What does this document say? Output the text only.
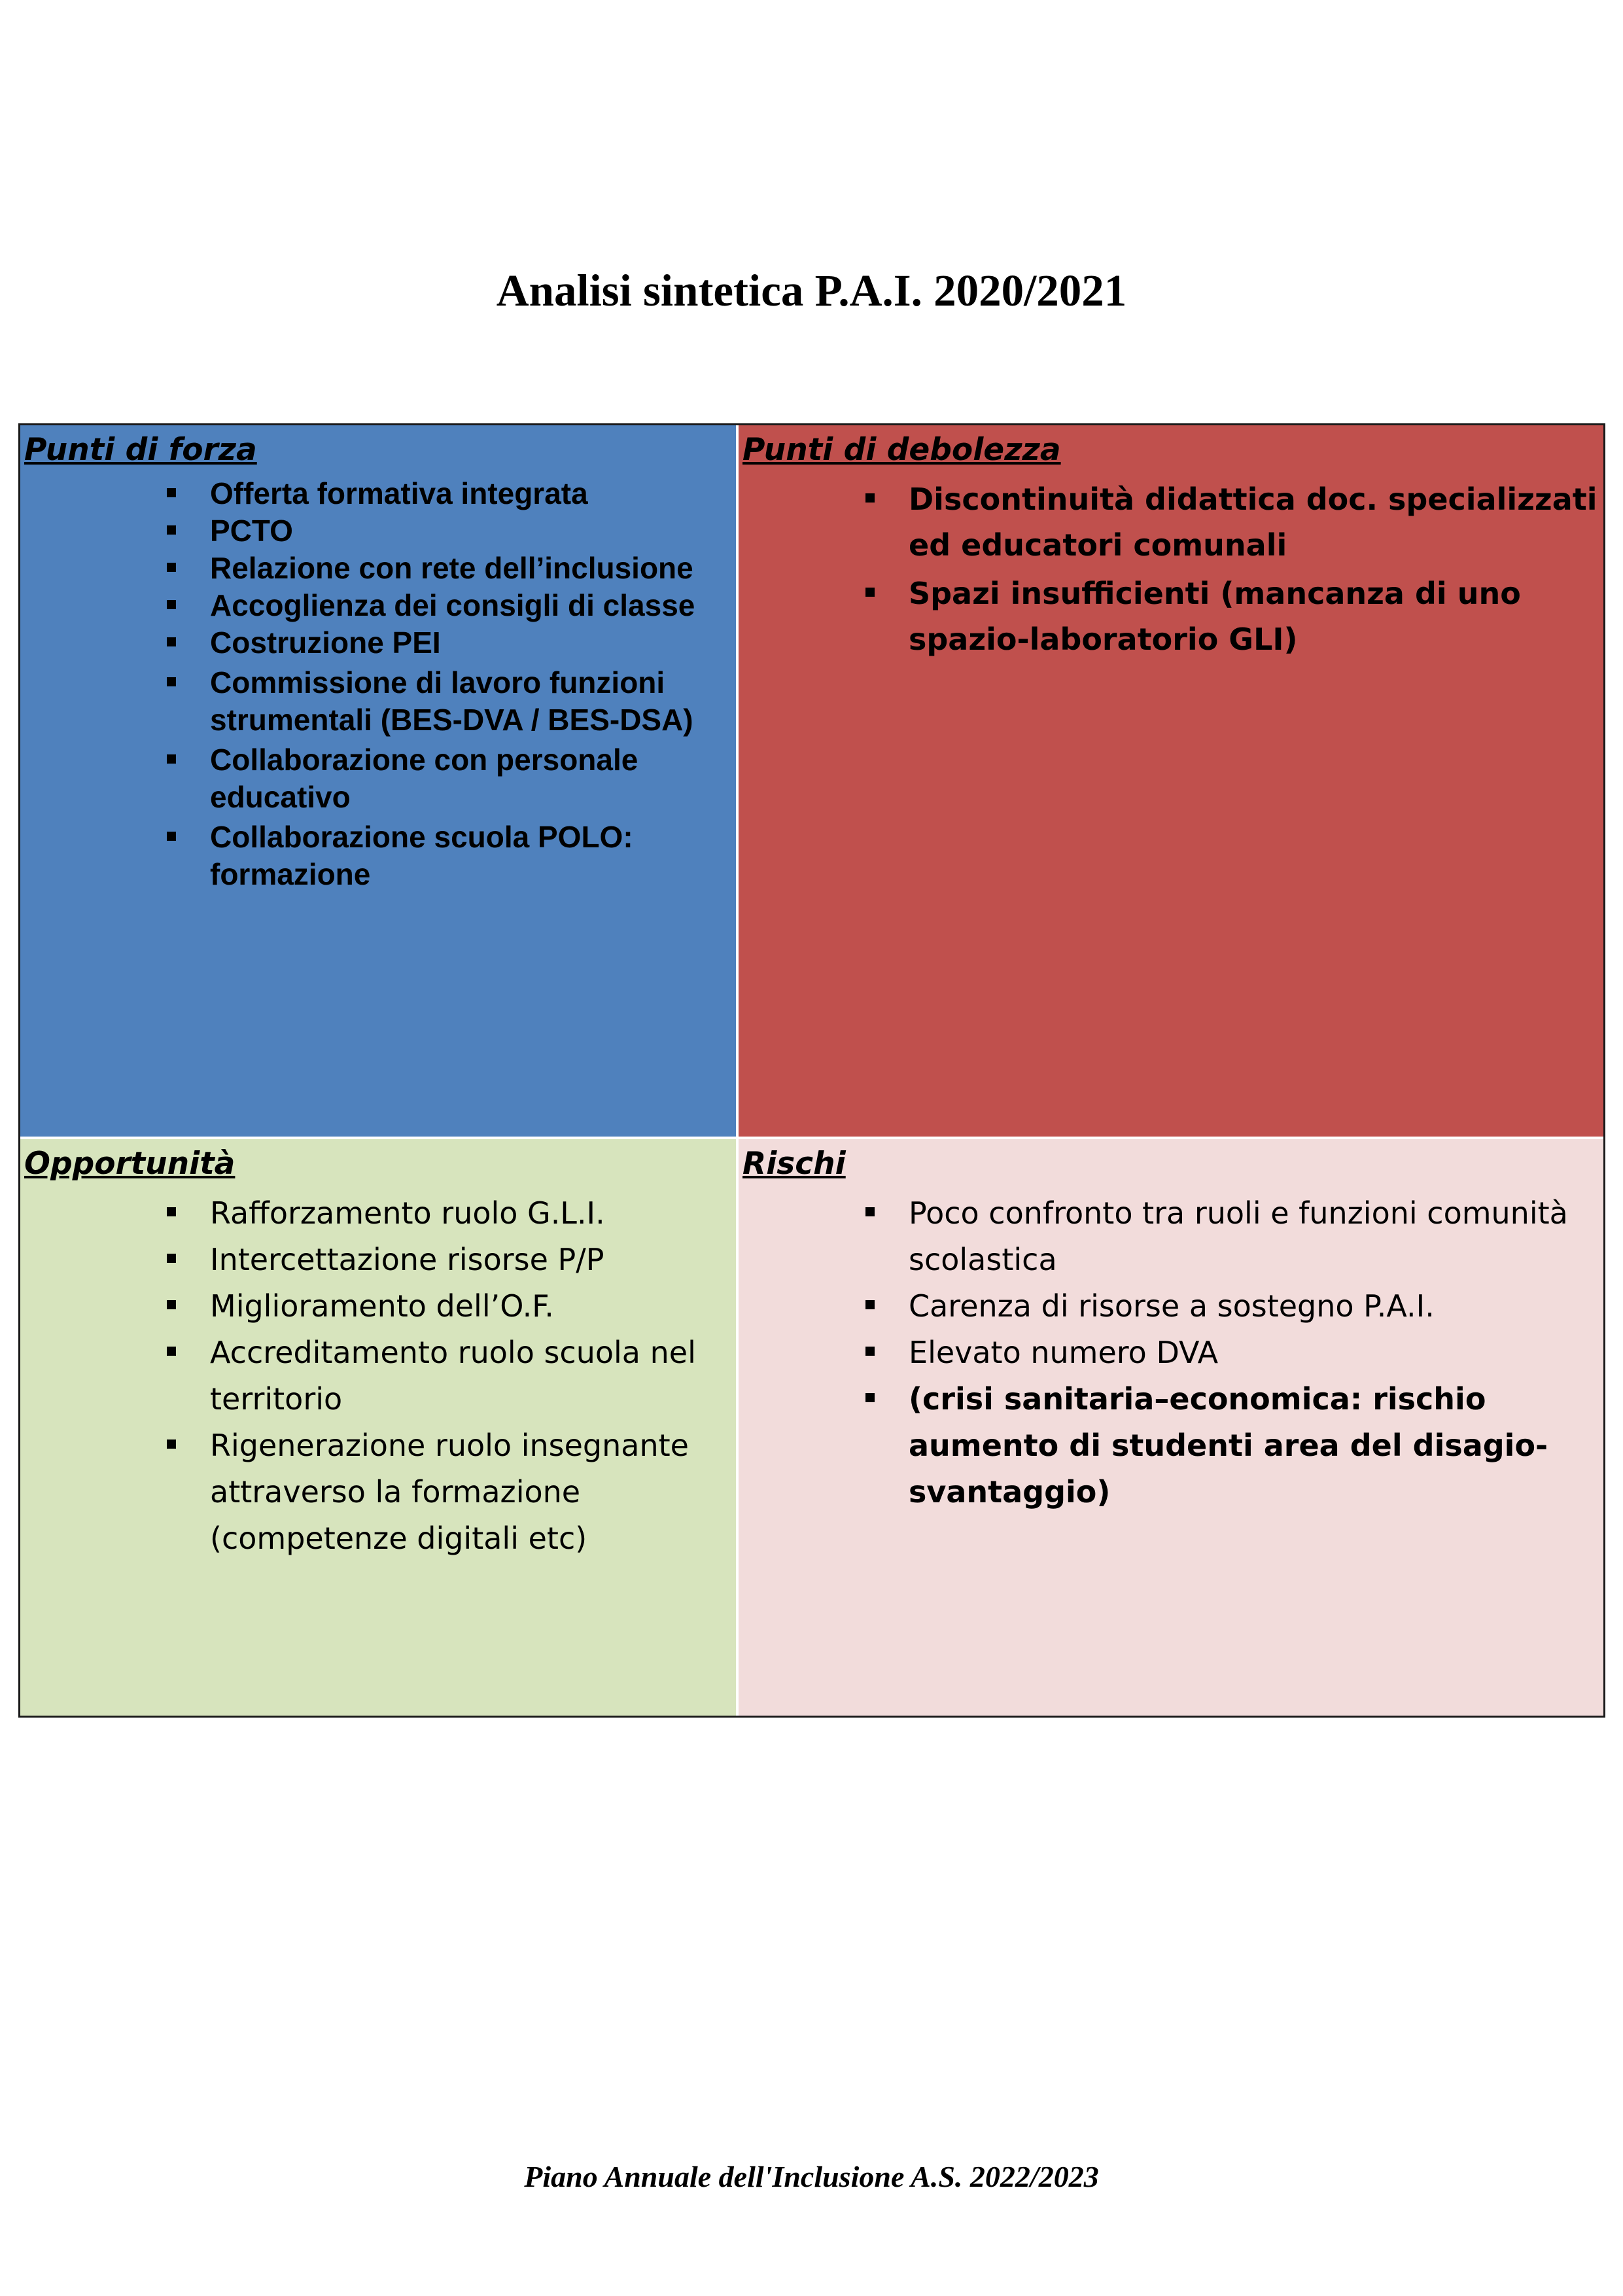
Analisi sintetica P.A.I. 2020/2021
Punti di forza
Offerta formativa integrata
PCTO
Relazione con rete dell’inclusione
Accoglienza dei consigli di classe
Costruzione PEI
Commissione di lavoro funzioni strumentali (BES-DVA / BES-DSA)
Collaborazione con personale educativo
Collaborazione scuola POLO: formazione
Punti di debolezza
Discontinuità didattica doc. specializzati ed educatori comunali
Spazi insufficienti (mancanza di uno spazio-laboratorio GLI)
Opportunità
Rafforzamento ruolo G.L.I.
Intercettazione risorse P/P
Miglioramento dell’O.F.
Accreditamento ruolo scuola nel territorio
Rigenerazione ruolo insegnante attraverso la formazione (competenze digitali etc)
Rischi
Poco confronto tra ruoli e funzioni comunità scolastica
Carenza di risorse a sostegno P.A.I.
Elevato numero DVA
(crisi sanitaria–economica: rischio aumento di studenti area del disagio-svantaggio)

Piano Annuale dell'Inclusione A.S. 2022/2023
